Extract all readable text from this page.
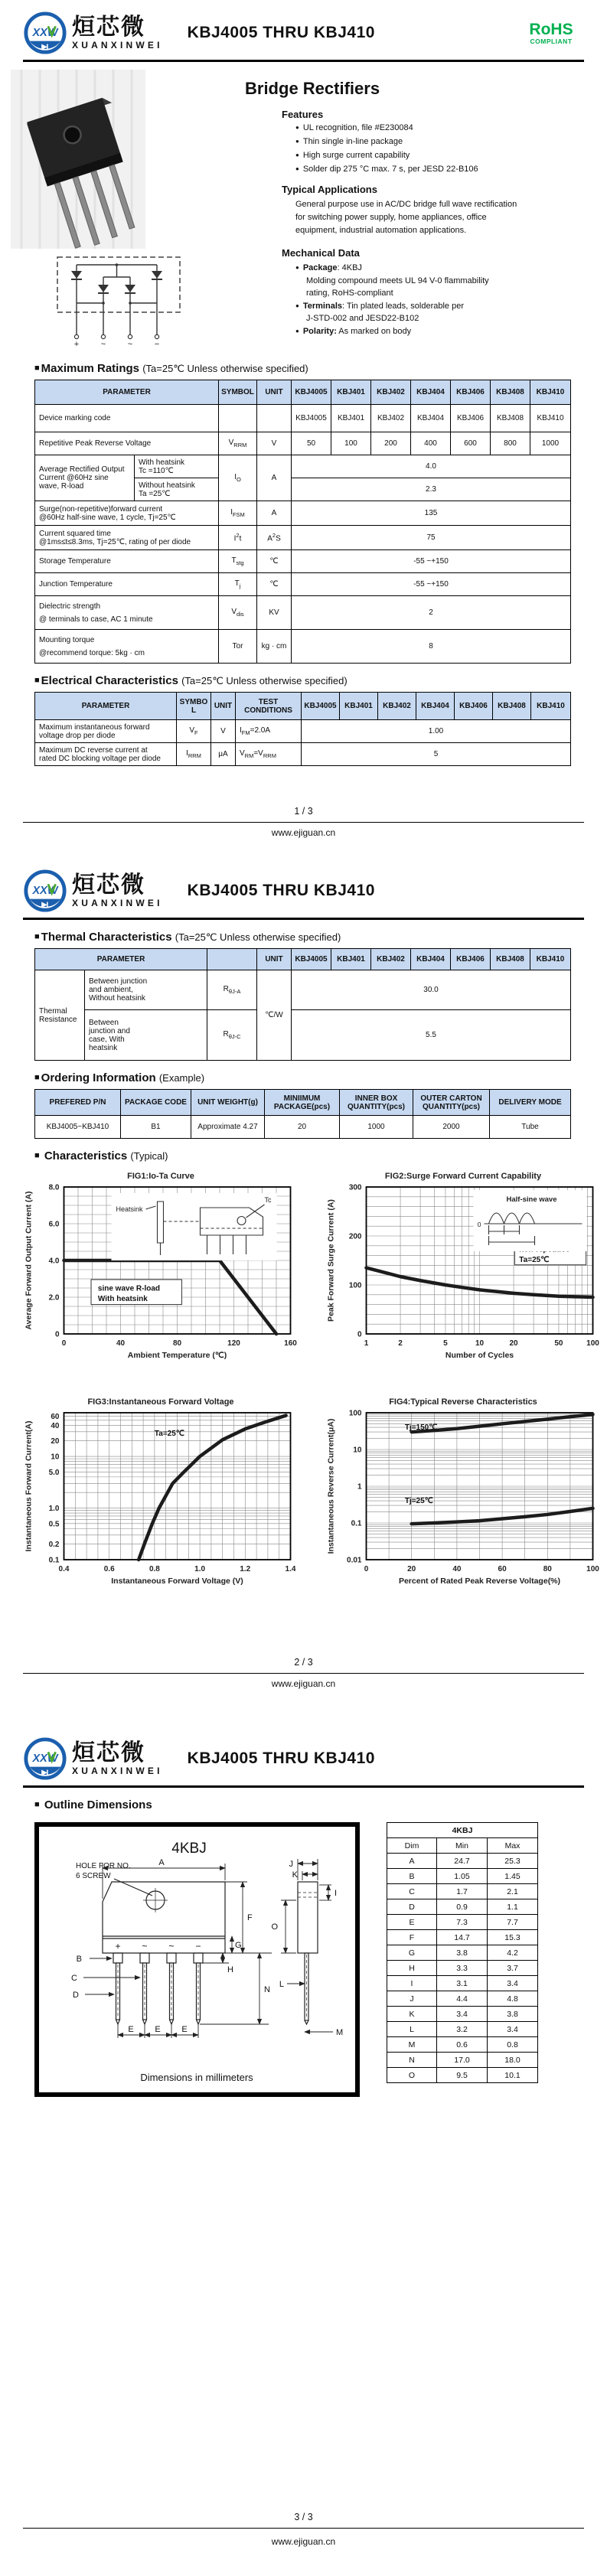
XXW 烜芯微
XUANXINWEI
KBJ4005 THRU KBJ410	RoHS
COMPLIANT

+	~	~	−
Bridge Rectifiers
Features
● UL recognition, file #E230084
● Thin single in-line package
● High surge current capability
● Solder dip 275 °C max. 7 s, per JESD 22-B106
Typical Applications

General purpose use in AC/DC bridge full wave rectification
for switching power supply, home appliances, office
equipment, industrial automation applications.

Mechanical Data
● Package: 4KBJ
Molding compound meets UL 94 V-0 flammability
rating, RoHS-compliant
● Terminals: Tin plated leads, solderable per
J-STD-002 and JESD22-B102
● Polarity: As marked on body
■ Maximum Ratings (Ta=25℃ Unless otherwise specified)
PARAMETER		SYMBOL	UNIT	KBJ4005	KBJ401	KBJ402	KBJ404	KBJ406	KBJ408	KBJ410
Device marking code				KBJ4005	KBJ401	KBJ402	KBJ404	KBJ406	KBJ408	KBJ410
Repetitive Peak Reverse Voltage		$V_{RRM}$	V	50	100	200	400	600	800	1000

Average Rectified Output
Current @60Hz sine
wave, R-load	With heatsink
Tc =110℃	$I_O$	A	4.0						

	Without heatsink
Ta =25℃			2.3						

Surge(non-repetitive)forward current
@60Hz half-sine wave, 1 cycle, Tj=25℃		$I_{FSM}$	A	135						

Current squared time
@1ms≤t≤8.3ms, Tj=25℃, rating of per diode		$I^2t$	$A^2S$	75						
Storage Temperature		$T_{stg}$	℃	-55 ~+150						
Junction Temperature		$T_j$	℃	-55 ~+150						

Dielectric strength
@ terminals to case, AC 1 minute		$V_{dis}$	KV	2						

Mounting torque
@recommend torque: 5kg · cm		Tor	kg · cm	8						
■ Electrical Characteristics (Ta=25℃ Unless otherwise specified)
PARAMETER	SYMBOL	UNIT	TEST CONDITIONS	KBJ4005	KBJ401	KBJ402	KBJ404	KBJ406	KBJ408	KBJ410

Maximum instantaneous forward
voltage drop per diode	$V_F$	V	$I_{FM}=2.0A$	1.00						

Maximum DC reverse current at
rated DC blocking voltage per diode	$I_{RRM}$	μA	$V_{RM}=V_{RRM}$	5						
1 / 3
www.ejiguan.cn
XXW 烜芯微
XUANXINWEI
KBJ4005 THRU KBJ410
■ Thermal Characteristics (Ta=25℃ Unless otherwise specified)
PARAMETER			UNIT	KBJ4005	KBJ401	KBJ402	KBJ404	KBJ406	KBJ408	KBJ410
Thermal Resistance	Between junction
and ambient,
Without heatsink	$R_{\theta J-A}$	℃/W	30.0						

	Between
junction and
case, With
heatsink	$R_{\theta J-C}$		5.5						
■ Ordering Information (Example)
PREFERED P/N	PACKAGE CODE	UNIT WEIGHT(g)	MINIIMUM PACKAGE(pcs)	INNER BOX QUANTITY(pcs)	OUTER CARTON QUANTITY(pcs)	DELIVERY MODE
KBJ4005~KBJ410	B1	Approximate 4.27	20	1000	2000	Tube
■ Characteristics (Typical)
FIG1:Io-Ta Curve
0	40	80	120	160
0
2.0
4.0
6.0
8.0
Ambient Temperature (℃)
Average Forward Output Current (A)	sine wave R-load
With heatsink
Heatsink
Tc
FIG2:Surge Forward Current Capability
1	2	5	10	20	50	100
0
100
200
300
Number of Cycles
Peak Forward Surge Current (A)	Ta=25℃
Half-sine wave
0
FIG3:Instantaneous Forward Voltage
0.4	0.6	0.8	1.0	1.2	1.4
0.1
0.2
0.5
1.0
5.0
10
20
40
60
Instantaneous Forward Voltage (V)
Instantaneous Forward Current(A)	Ta=25℃
FIG4:Typical Reverse Characteristics
0	20	40	60	80	100
0.01
0.1
1
10
100
Percent of Rated Peak Reverse Voltage(%)
Instantaneous Reverse Current(μA)	Tj=150℃
Tj=25℃
2 / 3
www.ejiguan.cn
XXW 烜芯微
XUANXINWEI
KBJ4005 THRU KBJ410
■ Outline Dimensions
4KBJ
HOLE FOR NO.
6 SCREW
+ ~ ~ −
A
B
C
D
E	E	E
F
G
H
N
J
K
I
O
L
M
Dimensions in millimeters
4KBJ		
Dim	Min	Max
A	24.7	25.3
B	1.05	1.45
C	1.7	2.1
D	0.9	1.1
E	7.3	7.7
F	14.7	15.3
G	3.8	4.2
H	3.3	3.7
I	3.1	3.4
J	4.4	4.8
K	3.4	3.8
L	3.2	3.4
M	0.6	0.8
N	17.0	18.0
O	9.5	10.1
3 / 3
www.ejiguan.cn
